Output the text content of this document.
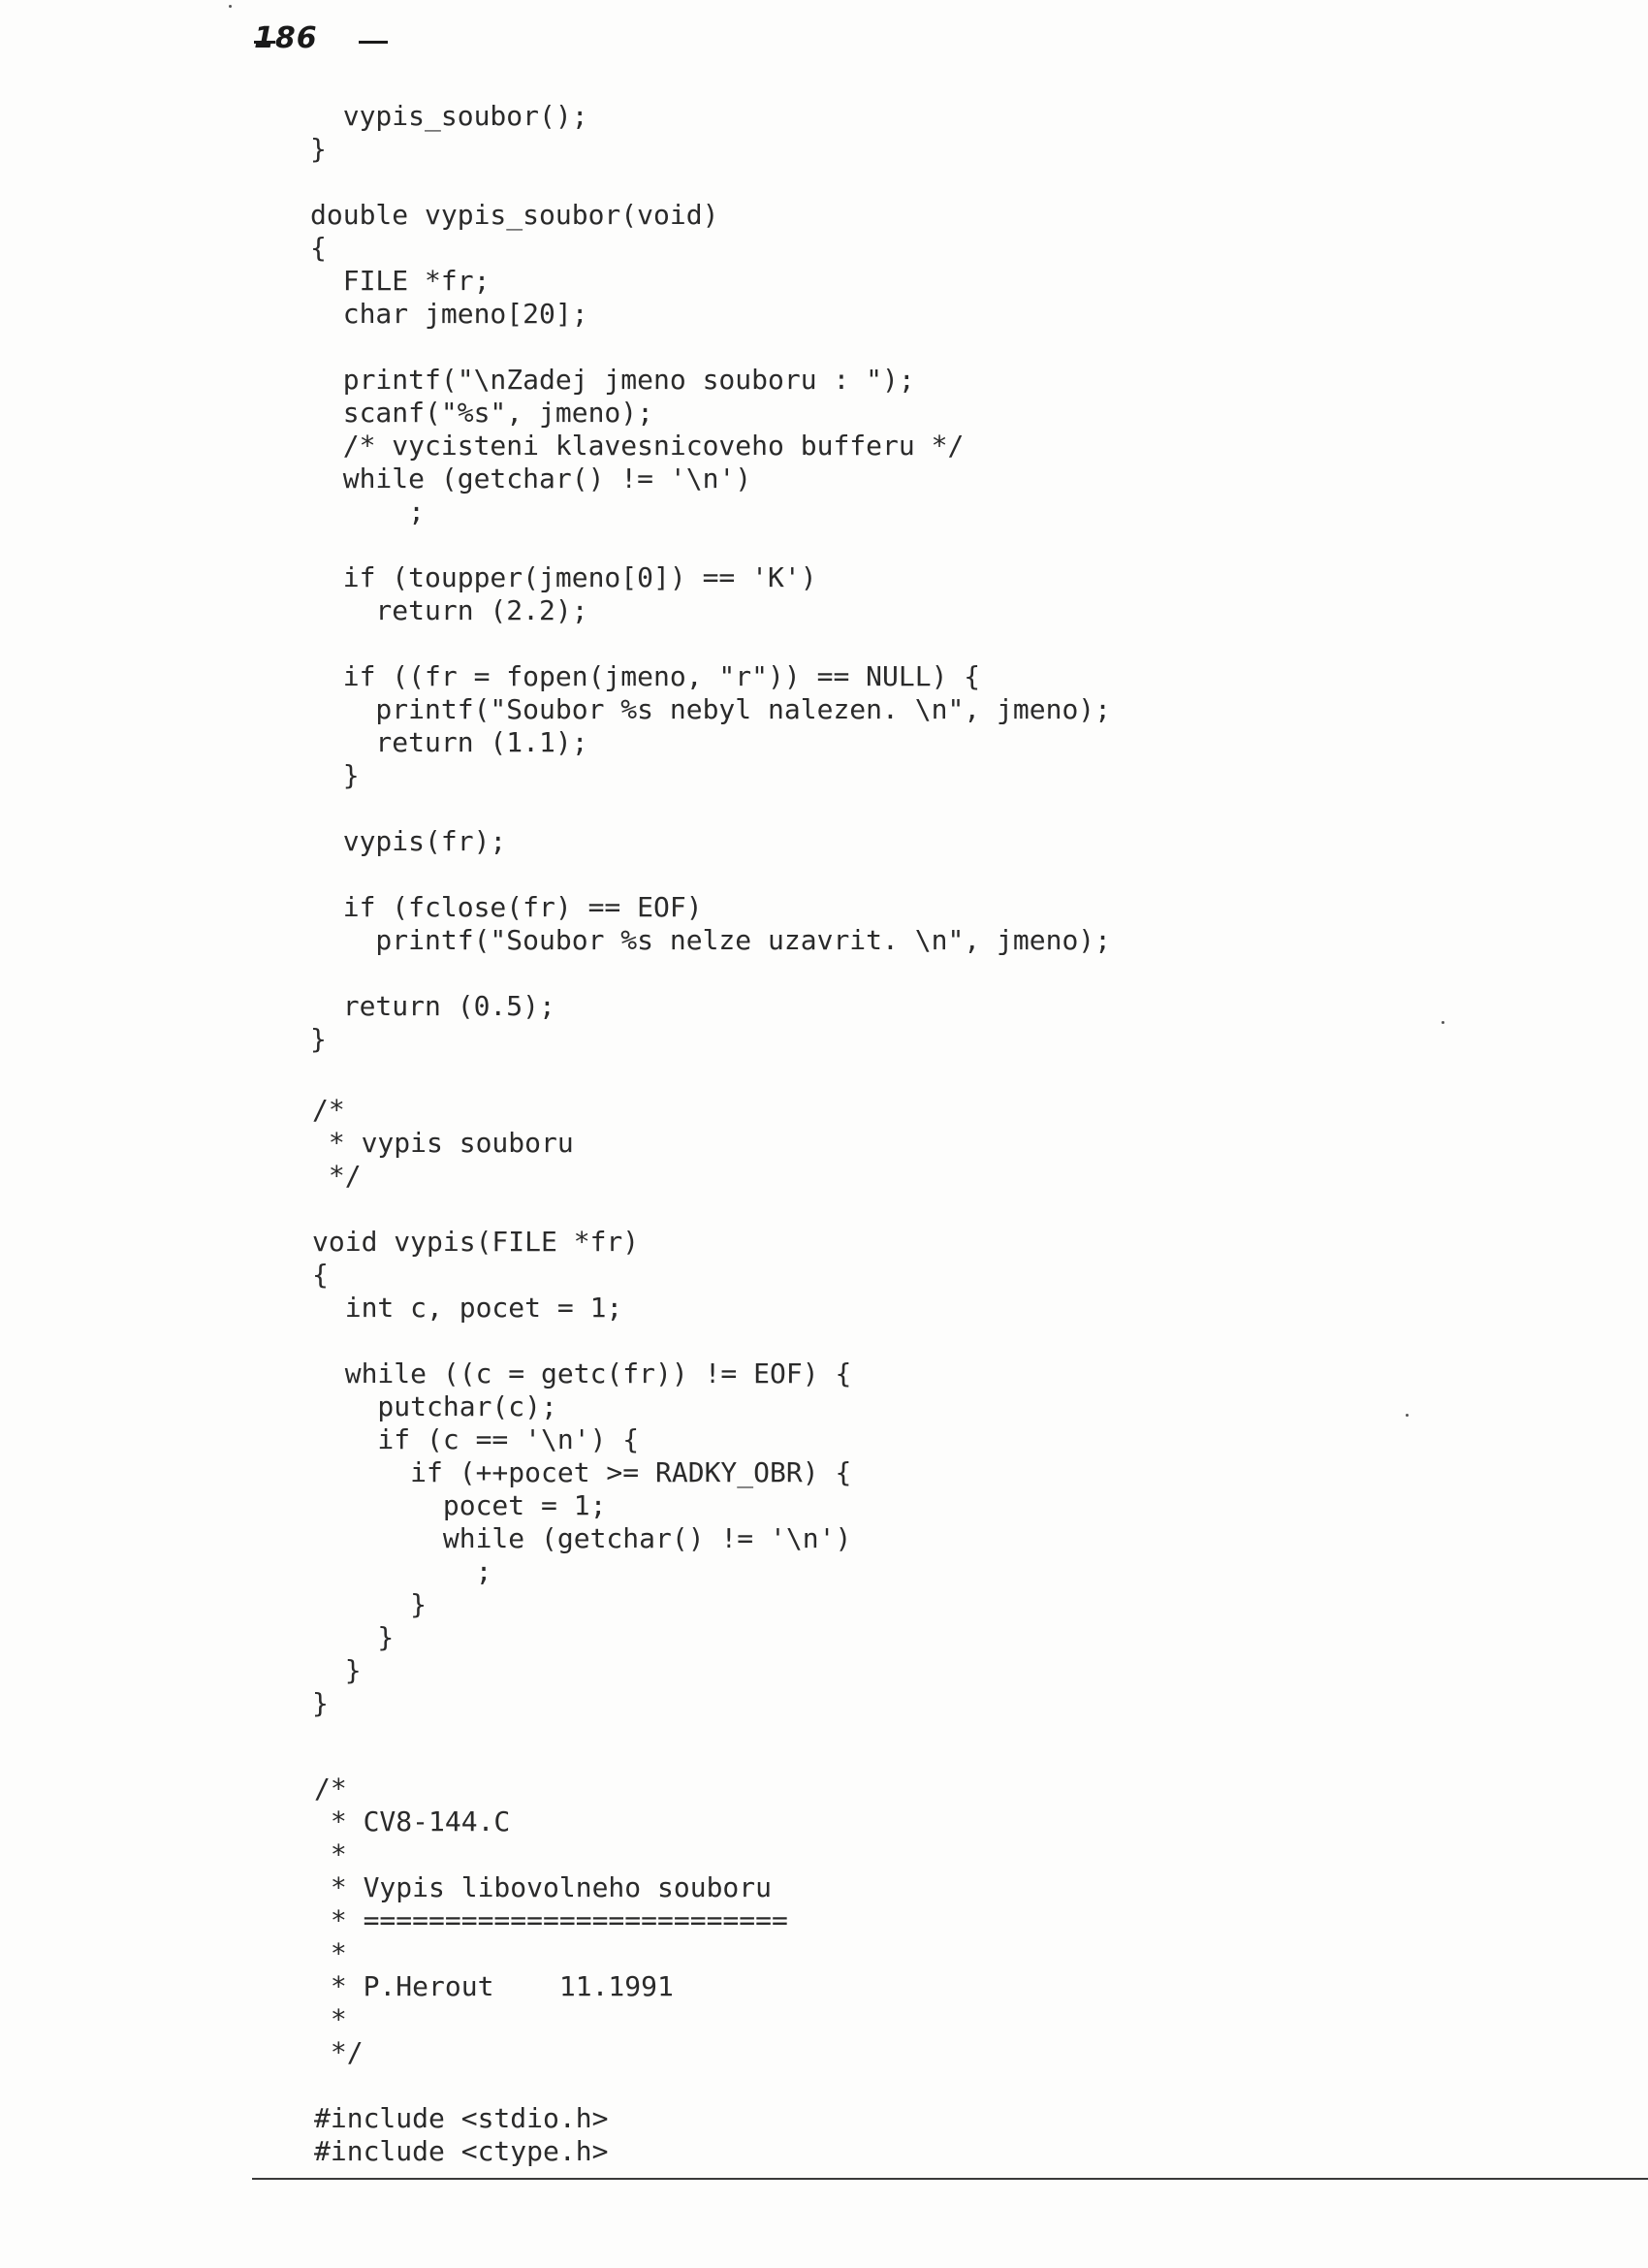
186
vypis_soubor();
}
double vypis_soubor(void)
{
FILE *fr;
char jmeno[20];
printf("\nZadej jmeno souboru : ");
scanf("%s", jmeno);
/* vycisteni klavesnicoveho bufferu */
while (getchar() != '\n')
;
if (toupper(jmeno[0]) == 'K')
return (2.2);
if ((fr = fopen(jmeno, "r")) == NULL) {
printf("Soubor %s nebyl nalezen. \n", jmeno);
return (1.1);
}
vypis(fr);
if (fclose(fr) == EOF)
printf("Soubor %s nelze uzavrit. \n", jmeno);
return (0.5);
}
/*
* vypis souboru
*/
void vypis(FILE *fr)
{
int c, pocet = 1;
while ((c = getc(fr)) != EOF) {
putchar(c);
if (c == '\n') {
if (++pocet >= RADKY_OBR) {
pocet = 1;
while (getchar() != '\n')
;
}
}
}
}
/*
* CV8-144.C
*
* Vypis libovolneho souboru
* ==========================
*
* P.Herout    11.1991
*
*/
#include <stdio.h>
#include <ctype.h>
